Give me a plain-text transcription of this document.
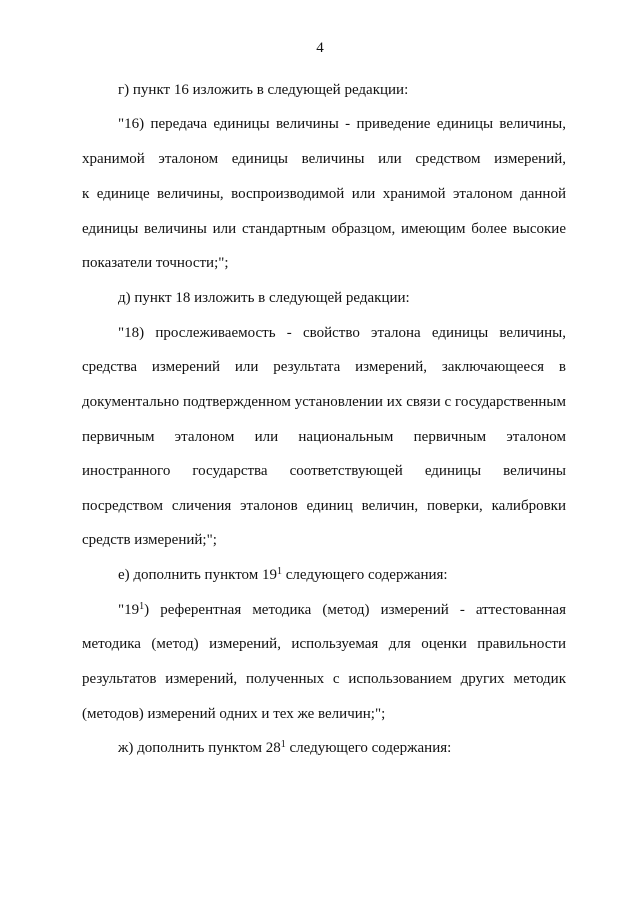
4
г) пункт 16 изложить в следующей редакции:
"16) передача единицы величины - приведение единицы величины,
хранимой эталоном единицы величины или средством измерений,
к единице величины, воспроизводимой или хранимой эталоном данной
единицы величины или стандартным образцом, имеющим более высокие
показатели точности;";
д) пункт 18 изложить в следующей редакции:
"18) прослеживаемость - свойство эталона единицы величины,
средства измерений или результата измерений, заключающееся в
документально подтвержденном установлении их связи с государственным
первичным эталоном или национальным первичным эталоном
иностранного государства соответствующей единицы величины
посредством сличения эталонов единиц величин, поверки, калибровки
средств измерений;";
е) дополнить пунктом $19^1$ следующего содержания:
"$19^1$) референтная методика (метод) измерений - аттестованная
методика (метод) измерений, используемая для оценки правильности
результатов измерений, полученных с использованием других методик
(методов) измерений одних и тех же величин;";
ж) дополнить пунктом $28^1$ следующего содержания:
